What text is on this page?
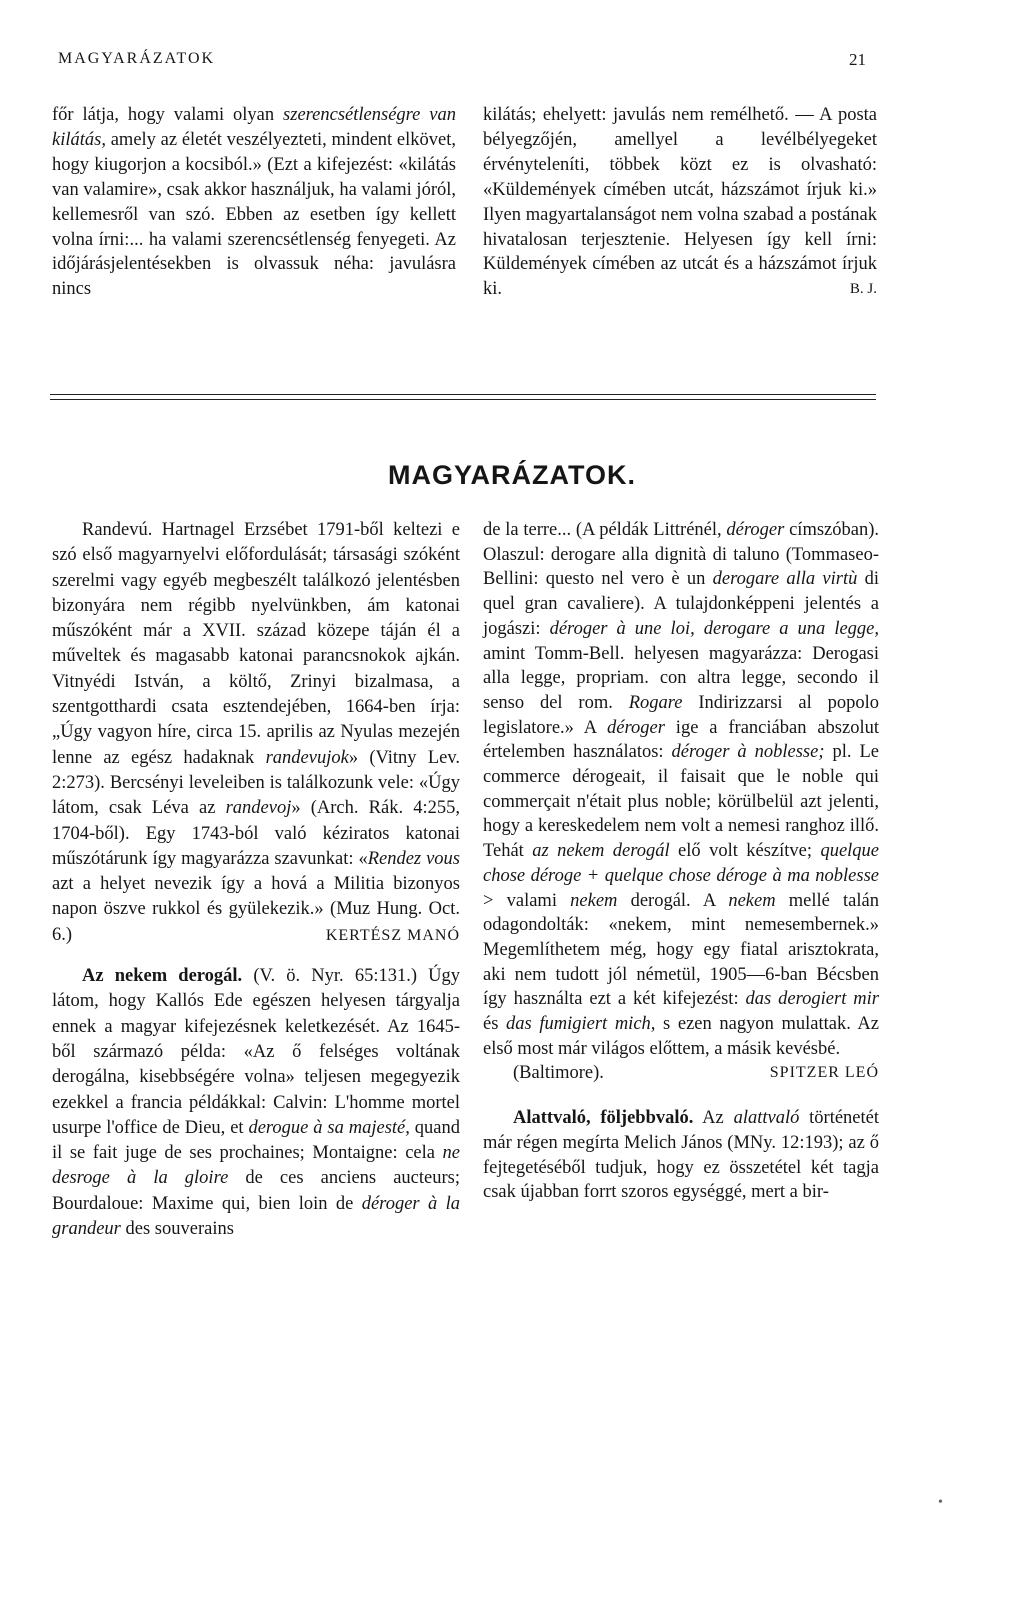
MAGYARÁZATOK	21

főr látja, hogy valami olyan szerencsétlenségre van kilátás, amely az életét veszélyezteti, mindent elkövet, hogy kiugorjon a kocsiból.» (Ezt a kifejezést: «kilátás van valamire», csak akkor használjuk, ha valami jóról, kellemesről van szó. Ebben az esetben így kellett volna írni:... ha valami szerencsétlenség fenyegeti. Az időjárásjelentésekben is olvassuk néha: javulásra nincs

kilátás; ehelyett: javulás nem remélhető. — A posta bélyegzőjén, amellyel a levélbélyegeket érvényteleníti, többek közt ez is olvasható: «Küldemények címében utcát, házszámot írjuk ki.» Ilyen magyartalanságot nem volna szabad a postának hivatalosan terjesztenie. Helyesen így kell írni: Küldemények címében az utcát és a házszámot írjuk ki.	B. J.

MAGYARÁZATOK.

Randevú. Hartnagel Erzsébet 1791-ből keltezi e szó első magyarnyelvi előfordulását; társasági szóként szerelmi vagy egyéb megbeszélt találkozó jelentésben bizonyára nem régibb nyelvünkben, ám katonai műszóként már a XVII. század közepe táján él a műveltek és magasabb katonai parancsnokok ajkán. Vitnyédi István, a költő, Zrinyi bizalmasa, a szentgotthardi csata esztendejében, 1664-ben írja: „Úgy vagyon híre, circa 15. aprilis az Nyulas mezején lenne az egész hadaknak randevujok» (Vitny Lev. 2:273). Bercsényi leveleiben is találkozunk vele: «Úgy látom, csak Léva az randevoj» (Arch. Rák. 4:255, 1704-ből). Egy 1743-ból való kéziratos katonai műszótárunk így magyarázza szavunkat: «Rendez vous azt a helyet nevezik így a hová a Militia bizonyos napon öszve rukkol és gyülekezik.» (Muz Hung. Oct. 6.)	KERTÉSZ MANÓ

Az nekem derogál. (V. ö. Nyr. 65:131.) Úgy látom, hogy Kallós Ede egészen helyesen tárgyalja ennek a magyar kifejezésnek keletkezését. Az 1645-ből származó példa: «Az ő felséges voltának derogálna, kisebbségére volna» teljesen megegyezik ezekkel a francia példákkal: Calvin: L'homme mortel usurpe l'office de Dieu, et derogue à sa majesté, quand il se fait juge de ses prochaines; Montaigne: cela ne desroge à la gloire de ces anciens aucteurs; Bourdaloue: Maxime qui, bien loin de déroger à la grandeur des souverains

de la terre... (A példák Littrénél, déroger címszóban). Olaszul: derogare alla dignità di taluno (Tommaseo-Bellini: questo nel vero è un derogare alla virtù di quel gran cavaliere). A tulajdonképpeni jelentés a jogászi: déroger à une loi, derogare a una legge, amint Tomm-Bell. helyesen magyarázza: Derogasi alla legge, propriam. con altra legge, secondo il senso del rom. Rogare Indirizzarsi al popolo legislatore.» A déroger ige a franciában abszolut értelemben használatos: déroger à noblesse; pl. Le commerce dérogeait, il faisait que le noble qui commerçait n'était plus noble; körülbelül azt jelenti, hogy a kereskedelem nem volt a nemesi ranghoz illő. Tehát az nekem derogál elő volt készítve; quelque chose déroge + quelque chose déroge à ma noblesse > valami nekem derogál. A nekem mellé talán odagondolták: «nekem, mint nemesembernek.» Megemlíthetem még, hogy egy fiatal arisztokrata, aki nem tudott jól németül, 1905—6-ban Bécsben így használta ezt a két kifejezést: das derogiert mir és das fumigiert mich, s ezen nagyon mulattak. Az első most már világos előttem, a másik kevésbé.

(Baltimore).	SPITZER LEÓ

Alattvaló, följebbvaló. Az alattvaló történetét már régen megírta Melich János (MNy. 12:193); az ő fejtegetéséből tudjuk, hogy ez összetétel két tagja csak újabban forrt szoros egységgé, mert a bir-

•
